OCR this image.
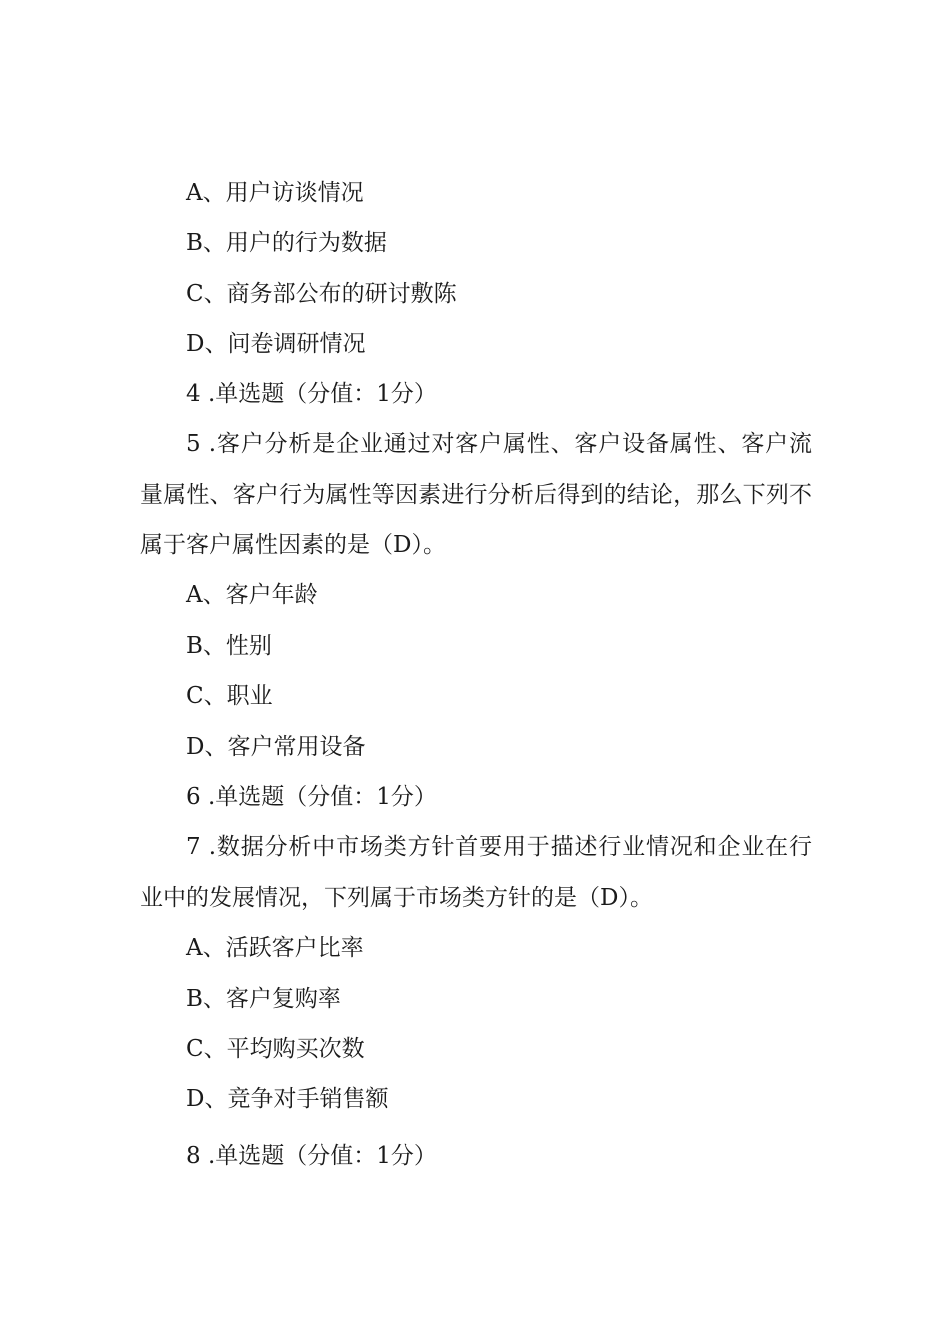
A、用户访谈情况
B、用户的行为数据
C、商务部公布的研讨敷陈
D、问卷调研情况
4 .单选题（分值：1分）
5 .客户分析是企业通过对客户属性、客户设备属性、客户流量属性、客户行为属性等因素进行分析后得到的结论，那么下列不属于客户属性因素的是（D）。
A、客户年龄
B、性别
C、职业
D、客户常用设备
6 .单选题（分值：1分）
7 .数据分析中市场类方针首要用于描述行业情况和企业在行业中的发展情况，下列属于市场类方针的是（D）。
A、活跃客户比率
B、客户复购率
C、平均购买次数
D、竞争对手销售额
8 .单选题（分值：1分）
